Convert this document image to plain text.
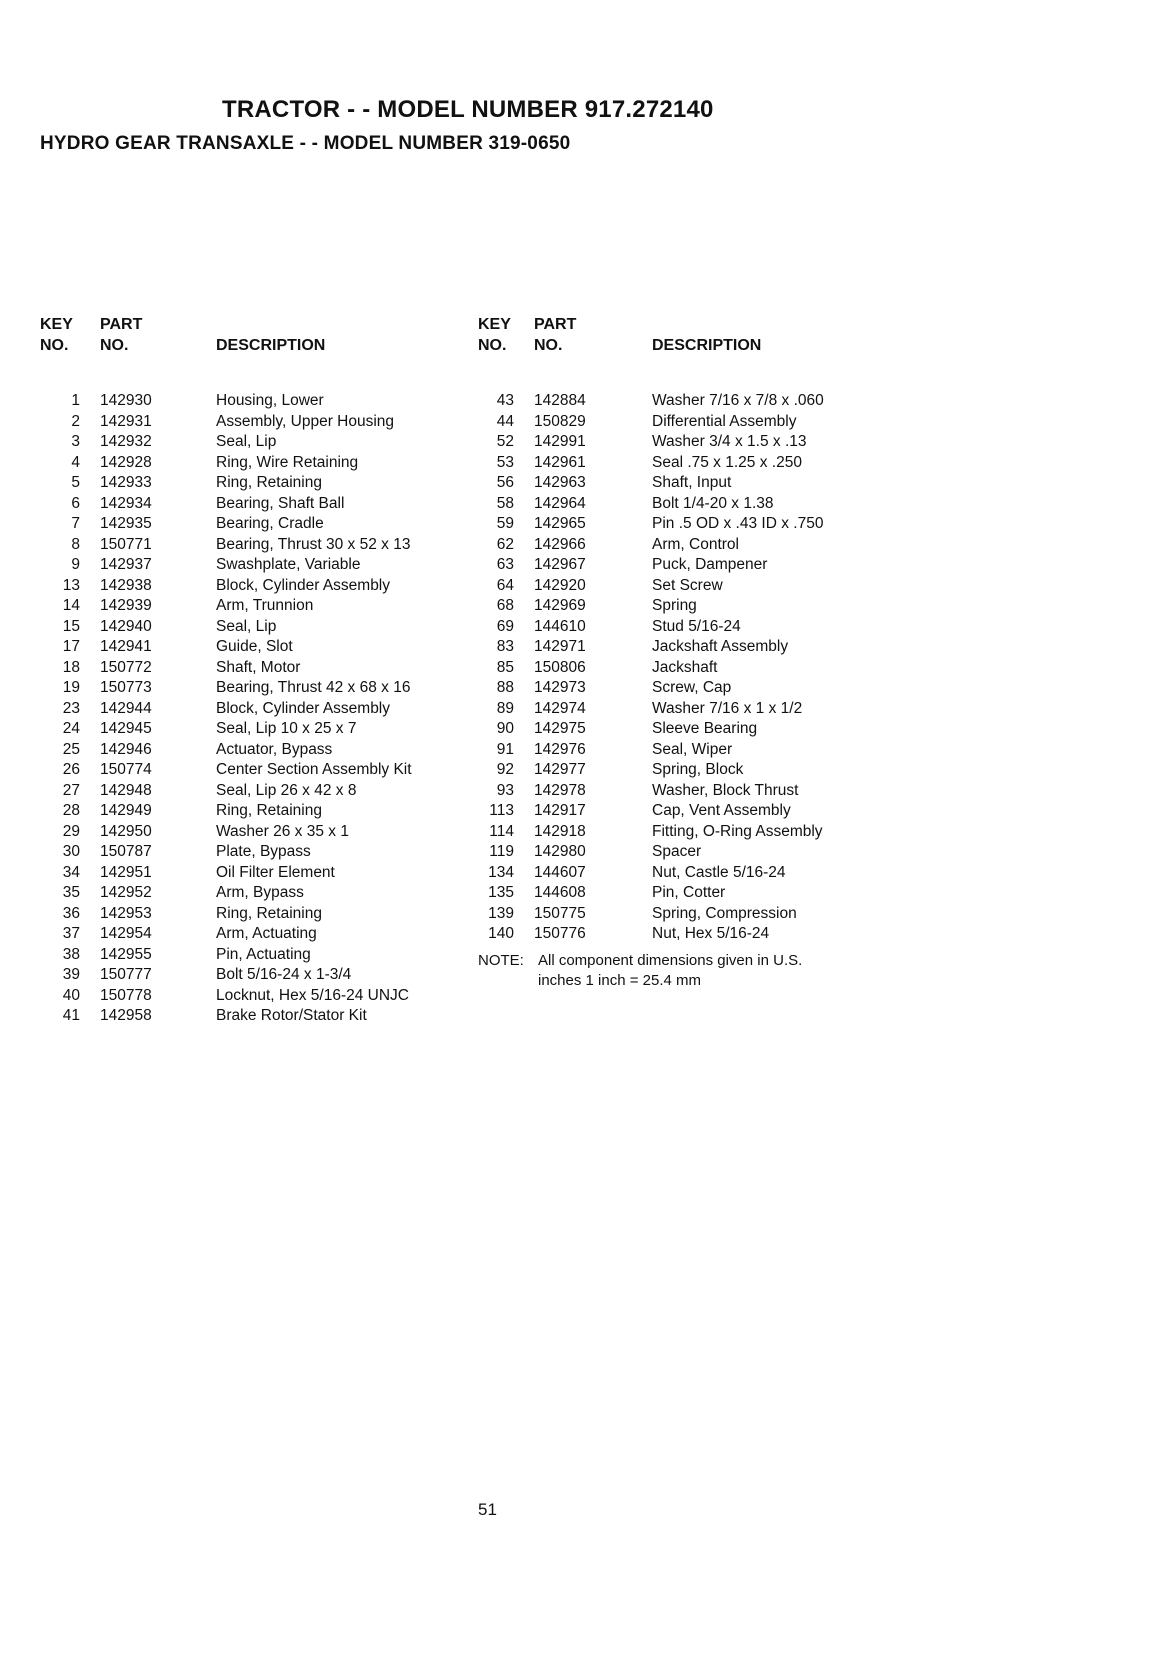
TRACTOR - - MODEL NUMBER 917.272140
HYDRO GEAR TRANSAXLE - - MODEL NUMBER 319-0650
KEY
NO.
PART
NO.	DESCRIPTION
1 142930	Housing, Lower
2 142931	Assembly, Upper Housing
3 142932	Seal, Lip
4 142928	Ring, Wire Retaining
5 142933	Ring, Retaining
6 142934	Bearing, Shaft Ball
7 142935	Bearing, Cradle
8 150771	Bearing, Thrust 30 x 52 x 13
9 142937	Swashplate, Variable
13 142938	Block, Cylinder Assembly
14 142939	Arm, Trunnion
15 142940	Seal, Lip
17 142941	Guide, Slot
18 150772	Shaft, Motor
19 150773	Bearing, Thrust 42 x 68 x 16
23 142944	Block, Cylinder Assembly
24 142945	Seal, Lip 10 x 25 x 7
25 142946	Actuator, Bypass
26 150774	Center Section Assembly Kit
27 142948	Seal, Lip 26 x 42 x 8
28 142949	Ring, Retaining
29 142950	Washer 26 x 35 x 1
30 150787	Plate, Bypass
34 142951	Oil Filter Element
35 142952	Arm, Bypass
36 142953	Ring, Retaining
37 142954	Arm, Actuating
38 142955	Pin, Actuating
39 150777	Bolt 5/16-24 x 1-3/4
40 150778	Locknut, Hex 5/16-24 UNJC
41 142958	Brake Rotor/Stator Kit
KEY
NO.
PART
NO.	DESCRIPTION
43 142884	Washer 7/16 x 7/8 x .060
44 150829	Differential Assembly
52 142991	Washer 3/4 x 1.5 x .13
53 142961	Seal .75 x 1.25 x .250
56 142963	Shaft, Input
58 142964	Bolt 1/4-20 x 1.38
59 142965	Pin .5 OD x .43 ID x .750
62 142966	Arm, Control
63 142967	Puck, Dampener
64 142920	Set Screw
68 142969	Spring
69 144610	Stud 5/16-24
83 142971	Jackshaft Assembly
85 150806	Jackshaft
88 142973	Screw, Cap
89 142974	Washer 7/16 x 1 x 1/2
90 142975	Sleeve Bearing
91 142976	Seal, Wiper
92 142977	Spring, Block
93 142978	Washer, Block Thrust
113 142917	Cap, Vent Assembly
114 142918	Fitting, O-Ring Assembly
119 142980	Spacer
134 144607	Nut, Castle 5/16-24
135 144608	Pin, Cotter
139 150775	Spring, Compression
140 150776	Nut, Hex 5/16-24
NOTE: All component dimensions given in U.S.
inches 1 inch = 25.4 mm
51
